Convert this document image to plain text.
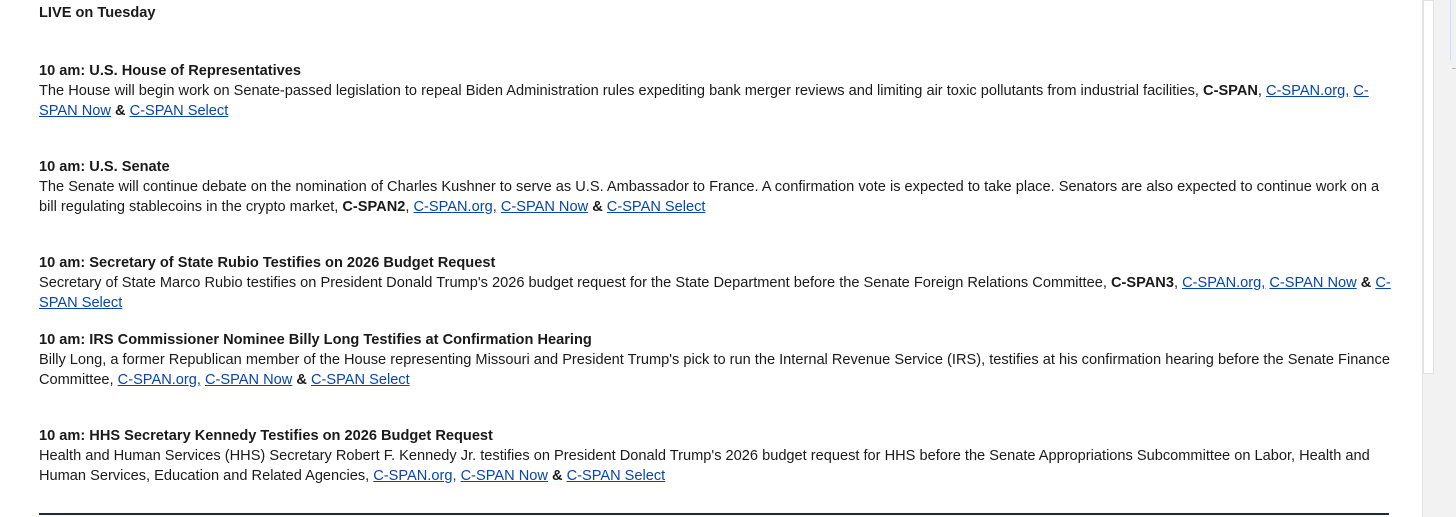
LIVE on Tuesday
10 am: U.S. House of Representatives

The House will begin work on Senate-passed legislation to repeal Biden Administration rules expediting bank merger reviews and limiting air toxic pollutants from industrial facilities, C-SPAN, C-SPAN.org, C-SPAN Now & C-SPAN Select

10 am: U.S. Senate

The Senate will continue debate on the nomination of Charles Kushner to serve as U.S. Ambassador to France. A confirmation vote is expected to take place. Senators are also expected to continue work on a bill regulating stablecoins in the crypto market, C-SPAN2, C-SPAN.org, C-SPAN Now & C-SPAN Select

10 am: Secretary of State Rubio Testifies on 2026 Budget Request

Secretary of State Marco Rubio testifies on President Donald Trump's 2026 budget request for the State Department before the Senate Foreign Relations Committee, C-SPAN3, C-SPAN.org, C-SPAN Now & C-SPAN Select

10 am: IRS Commissioner Nominee Billy Long Testifies at Confirmation Hearing

Billy Long, a former Republican member of the House representing Missouri and President Trump's pick to run the Internal Revenue Service (IRS), testifies at his confirmation hearing before the Senate Finance Committee, C-SPAN.org, C-SPAN Now & C-SPAN Select

10 am: HHS Secretary Kennedy Testifies on 2026 Budget Request

Health and Human Services (HHS) Secretary Robert F. Kennedy Jr. testifies on President Donald Trump's 2026 budget request for HHS before the Senate Appropriations Subcommittee on Labor, Health and Human Services, Education and Related Agencies, C-SPAN.org, C-SPAN Now & C-SPAN Select
